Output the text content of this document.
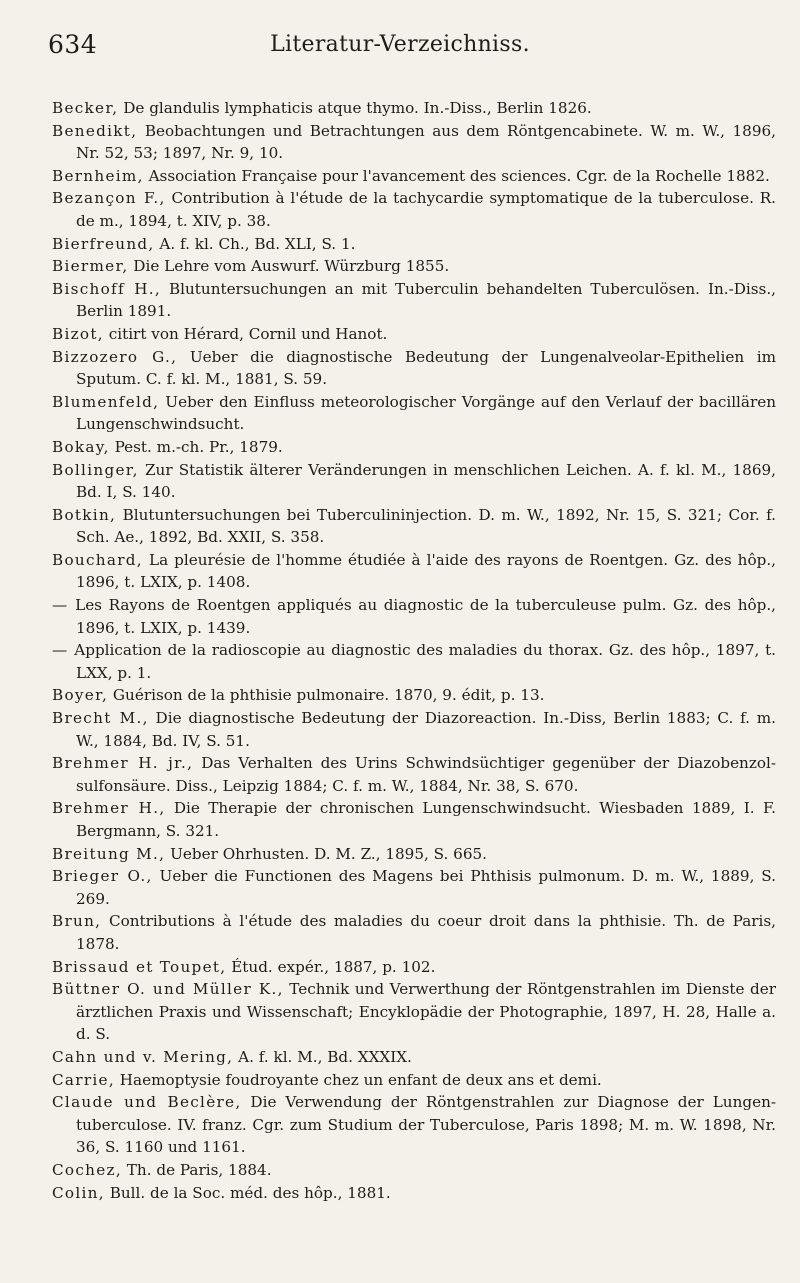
634	Literatur-Verzeichniss.
Becker, De glandulis lymphaticis atque thymo. In.-Diss., Berlin 1826.
Benedikt, Beobachtungen und Betrachtungen aus dem Röntgencabinete. W. m. W., 1896, Nr. 52, 53; 1897, Nr. 9, 10.
Bernheim, Association Française pour l'avancement des sciences. Cgr. de la Rochelle 1882.
Bezançon F., Contribution à l'étude de la tachycardie symptomatique de la tuberculose. R. de m., 1894, t. XIV, p. 38.
Bierfreund, A. f. kl. Ch., Bd. XLI, S. 1.
Biermer, Die Lehre vom Auswurf. Würzburg 1855.
Bischoff H., Blutuntersuchungen an mit Tuberculin behandelten Tuberculösen. In.-Diss., Berlin 1891.
Bizot, citirt von Hérard, Cornil und Hanot.
Bizzozero G., Ueber die diagnostische Bedeutung der Lungenalveolar-Epithelien im Sputum. C. f. kl. M., 1881, S. 59.
Blumenfeld, Ueber den Einfluss meteorologischer Vorgänge auf den Verlauf der bacillären Lungenschwindsucht.
Bokay, Pest. m.-ch. Pr., 1879.
Bollinger, Zur Statistik älterer Veränderungen in menschlichen Leichen. A. f. kl. M., 1869, Bd. I, S. 140.
Botkin, Blutuntersuchungen bei Tuberculininjection. D. m. W., 1892, Nr. 15, S. 321; Cor. f. Sch. Ae., 1892, Bd. XXII, S. 358.
Bouchard, La pleurésie de l'homme étudiée à l'aide des rayons de Roentgen. Gz. des hôp., 1896, t. LXIX, p. 1408.
— Les Rayons de Roentgen appliqués au diagnostic de la tuberculeuse pulm. Gz. des hôp., 1896, t. LXIX, p. 1439.
— Application de la radioscopie au diagnostic des maladies du thorax. Gz. des hôp., 1897, t. LXX, p. 1.
Boyer, Guérison de la phthisie pulmonaire. 1870, 9. édit, p. 13.
Brecht M., Die diagnostische Bedeutung der Diazoreaction. In.-Diss, Berlin 1883; C. f. m. W., 1884, Bd. IV, S. 51.
Brehmer H. jr., Das Verhalten des Urins Schwindsüchtiger gegenüber der Diazobenzol-sulfonsäure. Diss., Leipzig 1884; C. f. m. W., 1884, Nr. 38, S. 670.
Brehmer H., Die Therapie der chronischen Lungenschwindsucht. Wiesbaden 1889, I. F. Bergmann, S. 321.
Breitung M., Ueber Ohrhusten. D. M. Z., 1895, S. 665.
Brieger O., Ueber die Functionen des Magens bei Phthisis pulmonum. D. m. W., 1889, S. 269.
Brun, Contributions à l'étude des maladies du coeur droit dans la phthisie. Th. de Paris, 1878.
Brissaud et Toupet, Étud. expér., 1887, p. 102.
Büttner O. und Müller K., Technik und Verwerthung der Röntgenstrahlen im Dienste der ärztlichen Praxis und Wissenschaft; Encyklopädie der Photographie, 1897, H. 28, Halle a. d. S.
Cahn und v. Mering, A. f. kl. M., Bd. XXXIX.
Carrie, Haemoptysie foudroyante chez un enfant de deux ans et demi.
Claude und Beclère, Die Verwendung der Röntgenstrahlen zur Diagnose der Lungen-tuberculose. IV. franz. Cgr. zum Studium der Tuberculose, Paris 1898; M. m. W. 1898, Nr. 36, S. 1160 und 1161.
Cochez, Th. de Paris, 1884.
Colin, Bull. de la Soc. méd. des hôp., 1881.
